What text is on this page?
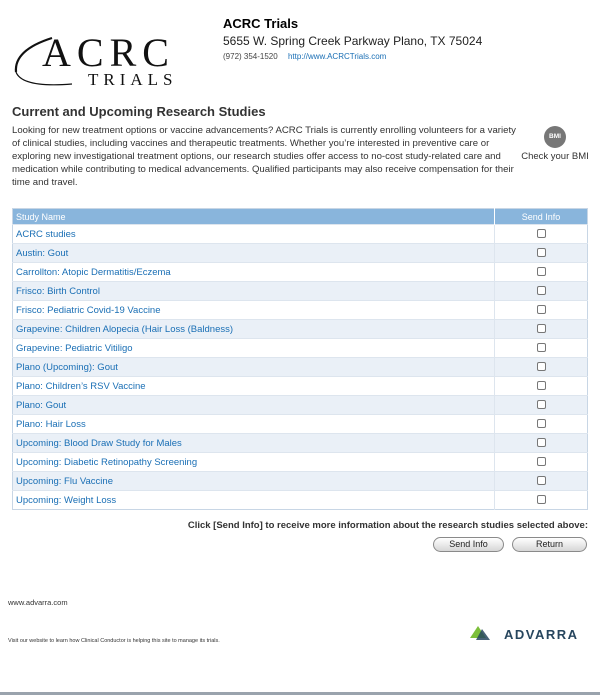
ACRC
TRIALS
ACRC Trials
5655 W. Spring Creek Parkway Plano, TX 75024
(972) 354-1520 http://www.ACRCTrials.com
Current and Upcoming Research Studies

Looking for new treatment options or vaccine advancements? ACRC Trials is currently enrolling volunteers for a variety of clinical studies, including vaccines and therapeutic treatments. Whether you’re interested in preventive care or exploring new investigational treatment options, our research studies offer access to no-cost study-related care and medication while contributing to medical advancements. Qualified participants may also receive compensation for their time and travel.

BMI
Check your BMI
Study Name	Send Info
ACRC studies	
Austin: Gout	
Carrollton: Atopic Dermatitis/Eczema	
Frisco: Birth Control	
Frisco: Pediatric Covid-19 Vaccine	
Grapevine: Children Alopecia (Hair Loss (Baldness)	
Grapevine: Pediatric Vitiligo	
Plano (Upcoming): Gout	
Plano: Children’s RSV Vaccine	
Plano: Gout	
Plano: Hair Loss	
Upcoming: Blood Draw Study for Males	
Upcoming: Diabetic Retinopathy Screening	
Upcoming: Flu Vaccine	
Upcoming: Weight Loss	
Click [Send Info] to receive more information about the research studies selected above:
Send Info	Return
www.advarra.com
Visit our website to learn how Clinical Conductor is helping this site to manage its trials.	ADVARRA
